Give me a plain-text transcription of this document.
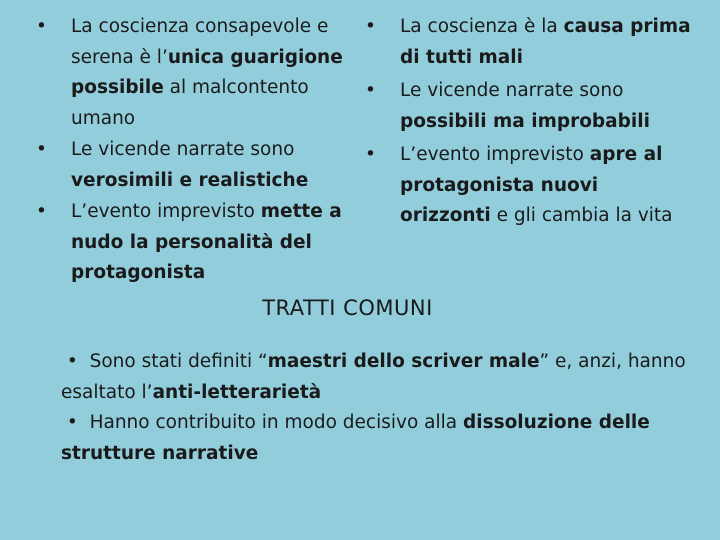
• La coscienza consapevole e serena è l’unica guarigione possibile al malcontento umano
• Le vicende narrate sono verosimili e realistiche
• L’evento imprevisto mette a nudo la personalità del protagonista
• La coscienza è la causa prima di tutti mali
• Le vicende narrate sono possibili ma improbabili
• L’evento imprevisto apre al protagonista nuovi orizzonti e gli cambia la vita
TRATTI COMUNI

• Sono stati definiti “maestri dello scriver male” e, anzi, hanno esaltato l’anti-letterarietà

• Hanno contribuito in modo decisivo alla dissoluzione delle strutture narrative
